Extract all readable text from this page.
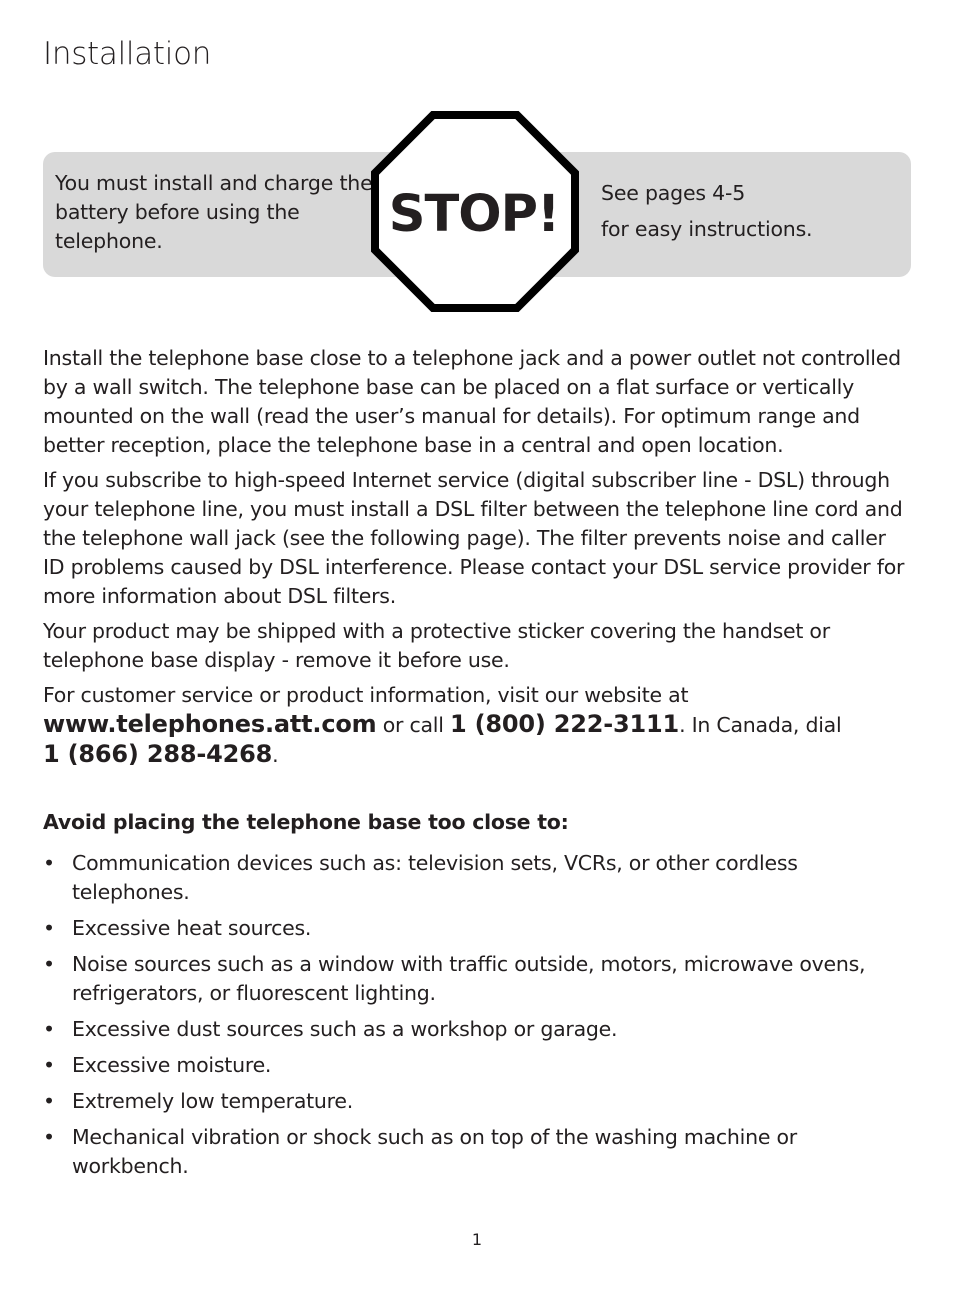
Installation
You must install and charge the battery before using the telephone.
See pages 4-5
for easy instructions.
STOP!

Install the telephone base close to a telephone jack and a power outlet not controlled by a wall switch. The telephone base can be placed on a flat surface or vertically mounted on the wall (read the user’s manual for details). For optimum range and better reception, place the telephone base in a central and open location.

If you subscribe to high-speed Internet service (digital subscriber line - DSL) through your telephone line, you must install a DSL filter between the telephone line cord and the telephone wall jack (see the following page). The filter prevents noise and caller ID problems caused by DSL interference. Please contact your DSL service provider for more information about DSL filters.

Your product may be shipped with a protective sticker covering the handset or telephone base display - remove it before use.

For customer service or product information, visit our website at
www.telephones.att.com or call 1 (800) 222-3111. In Canada, dial
1 (866) 288-4268.

Avoid placing the telephone base too close to:
• Communication devices such as: television sets, VCRs, or other cordless telephones.
• Excessive heat sources.
• Noise sources such as a window with traffic outside, motors, microwave ovens, refrigerators, or fluorescent lighting.
• Excessive dust sources such as a workshop or garage.
• Excessive moisture.
• Extremely low temperature.
• Mechanical vibration or shock such as on top of the washing machine or workbench.
1
